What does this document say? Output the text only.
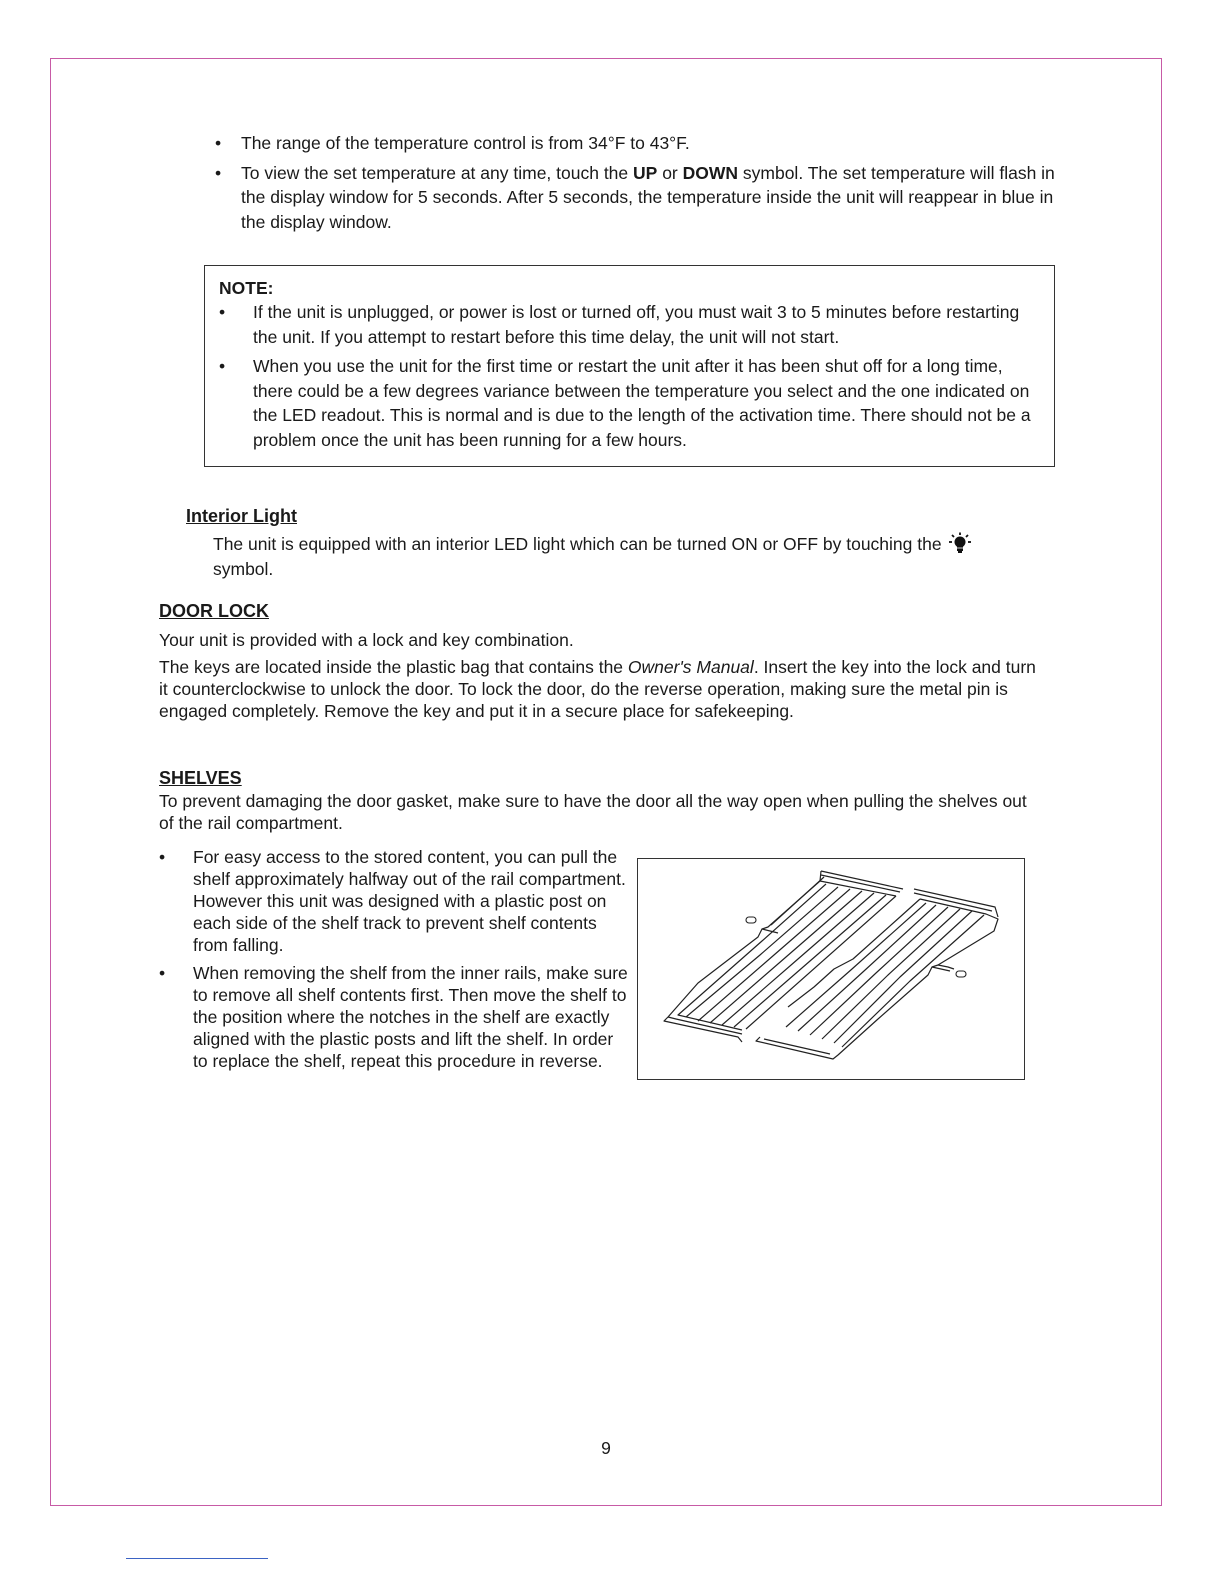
•	The range of the temperature control is from 34°F to 43°F.
•	To view the set temperature at any time, touch the UP or DOWN symbol. The set temperature will flash in the display window for 5 seconds. After 5 seconds, the temperature inside the unit will reappear in blue in the display window.
NOTE:
•	If the unit is unplugged, or power is lost or turned off, you must wait 3 to 5 minutes before restarting the unit. If you attempt to restart before this time delay, the unit will not start.
•	When you use the unit for the first time or restart the unit after it has been shut off for a long time, there could be a few degrees variance between the temperature you select and the one indicated on the LED readout. This is normal and is due to the length of the activation time. There should not be a problem once the unit has been running for a few hours.
Interior Light
The unit is equipped with an interior LED light which can be turned ON or OFF by touching the
symbol.
DOOR LOCK
Your unit is provided with a lock and key combination.
The keys are located inside the plastic bag that contains the Owner's Manual. Insert the key into the lock and turn it counterclockwise to unlock the door. To lock the door, do the reverse operation, making sure the metal pin is engaged completely. Remove the key and put it in a secure place for safekeeping.
SHELVES
To prevent damaging the door gasket, make sure to have the door all the way open when pulling the shelves out of the rail compartment.
•	For easy access to the stored content, you can pull the shelf approximately halfway out of the rail compartment. However this unit was designed with a plastic post on each side of the shelf track to prevent shelf contents from falling.
•	When removing the shelf from the inner rails, make sure to remove all shelf contents first. Then move the shelf to the position where the notches in the shelf are exactly aligned with the plastic posts and lift the shelf. In order to replace the shelf, repeat this procedure in reverse.
9
